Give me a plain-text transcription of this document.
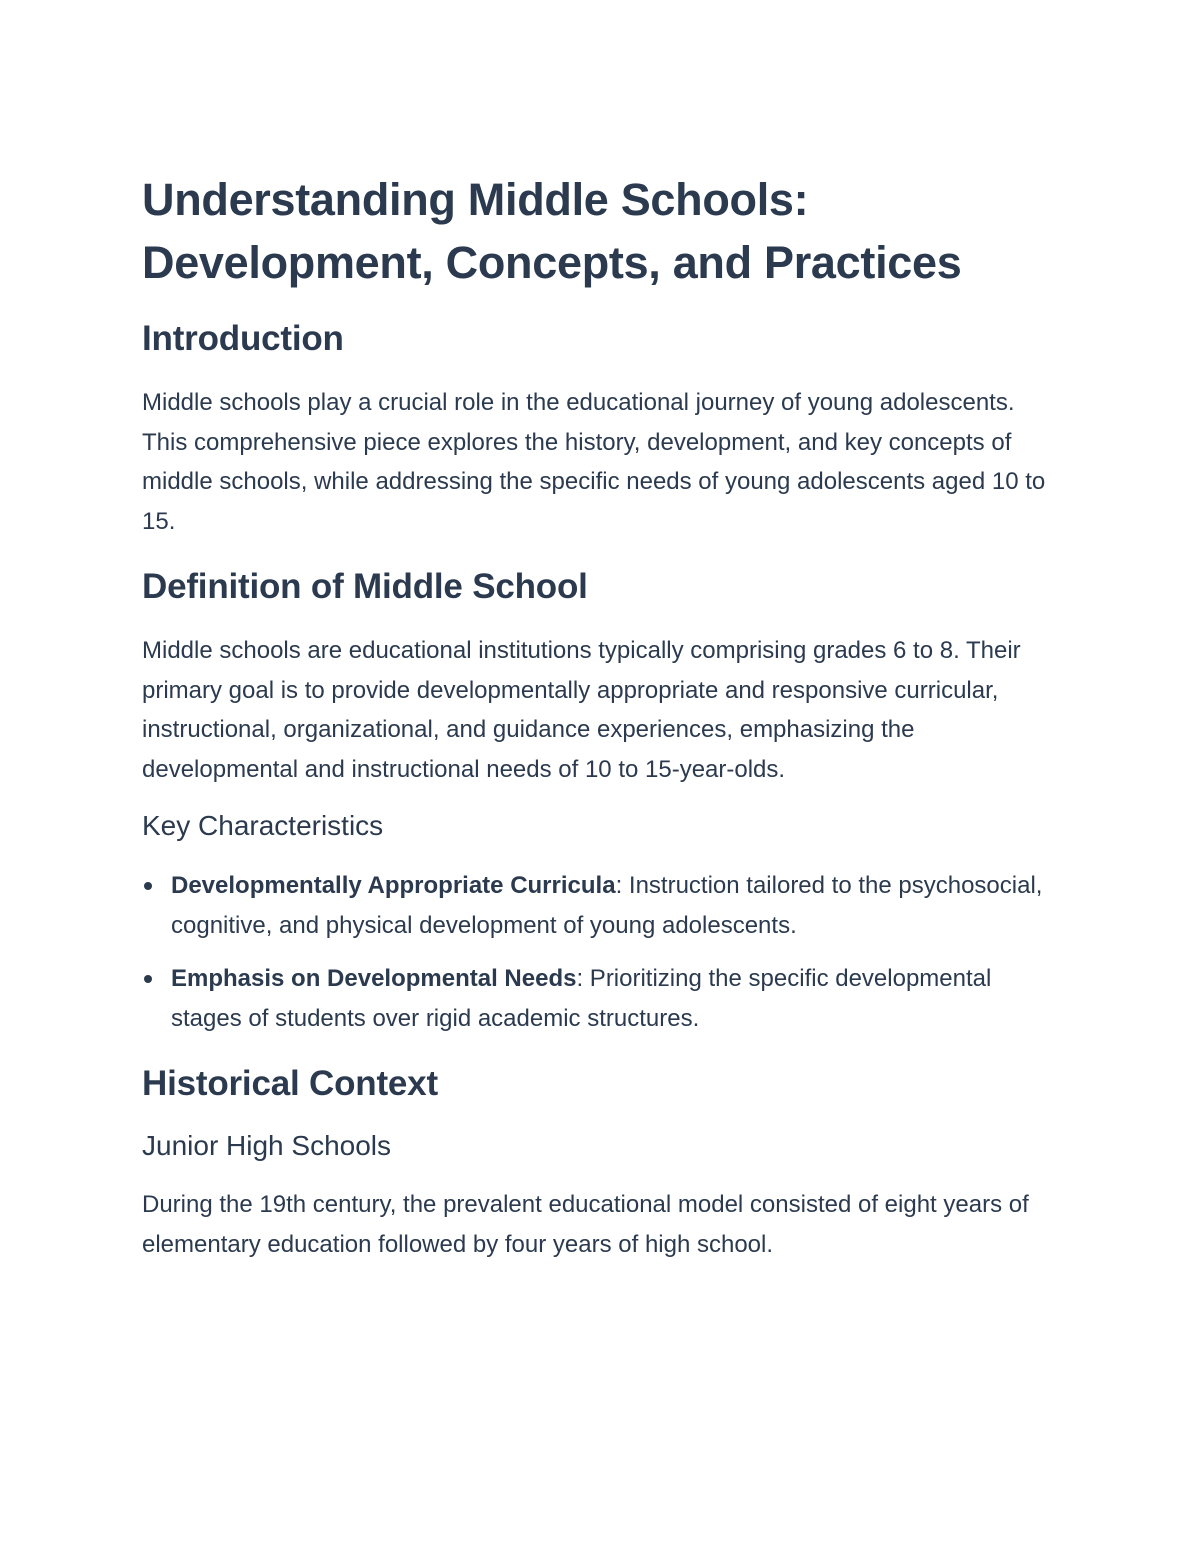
Understanding Middle Schools:
Development, Concepts, and Practices
Introduction

Middle schools play a crucial role in the educational journey of young adolescents. This comprehensive piece explores the history, development, and key concepts of middle schools, while addressing the specific needs of young adolescents aged 10 to 15.

Definition of Middle School

Middle schools are educational institutions typically comprising grades 6 to 8. Their primary goal is to provide developmentally appropriate and responsive curricular, instructional, organizational, and guidance experiences, emphasizing the developmental and instructional needs of 10 to 15-year-olds.

Key Characteristics
Developmentally Appropriate Curricula: Instruction tailored to the psychosocial, cognitive, and physical development of young adolescents.
Emphasis on Developmental Needs: Prioritizing the specific developmental stages of students over rigid academic structures.
Historical Context
Junior High Schools

During the 19th century, the prevalent educational model consisted of eight years of elementary education followed by four years of high school.
